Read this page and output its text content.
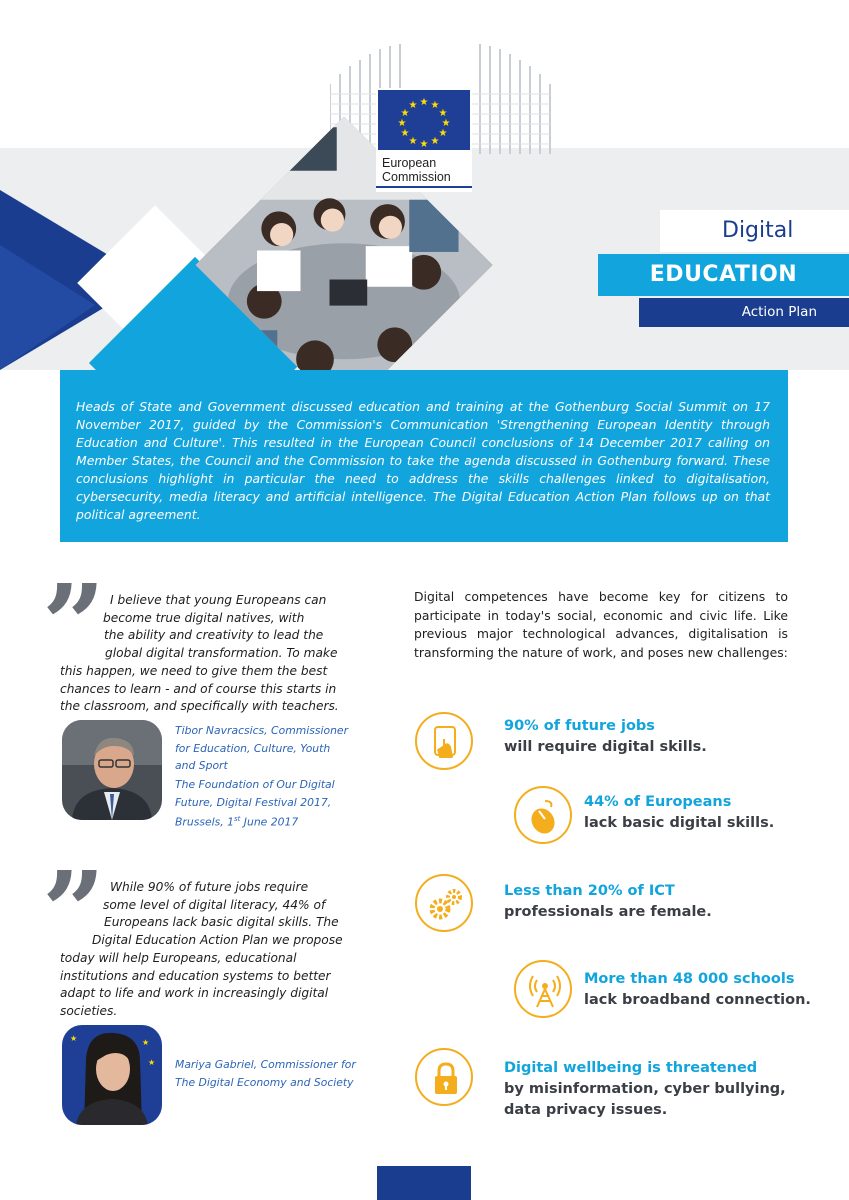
★ ★
★
★
★
★
★
★
★
★
★
★
European
Commission
Digital
EDUCATION
Action Plan

Heads of State and Government discussed education and training at the Gothenburg Social Summit on 17 November 2017, guided by the Commission's Communication 'Strengthening European Identity through Education and Culture'. This resulted in the European Council conclusions of 14 December 2017 calling on Member States, the Council and the Commission to take the agenda discussed in Gothenburg forward. These conclusions highlight in particular the need to address the skills challenges linked to digitalisation, cybersecurity, media literacy and artificial intelligence. The Digital Education Action Plan follows up on that political agreement.

” I believe that young Europeans can
become true digital natives, with
the ability and creativity to lead the
global digital transformation. To make
this happen, we need to give them the best
chances to learn - and of course this starts in
the classroom, and specifically with teachers.
Tibor Navracsics, Commissioner
for Education, Culture, Youth
and Sport
The Foundation of Our Digital
Future, Digital Festival 2017,
Brussels, 1st June 2017
” While 90% of future jobs require
some level of digital literacy, 44% of
Europeans lack basic digital skills. The
Digital Education Action Plan we propose
today will help Europeans, educational
institutions and education systems to better
adapt to life and work in increasingly digital
societies.
★	★
★ Mariya Gabriel, Commissioner for
The Digital Economy and Society

Digital competences have become key for citizens to participate in today's social, economic and civic life. Like previous major technological advances, digitalisation is transforming the nature of work, and poses new challenges:

90% of future jobs
will require digital skills.
44% of Europeans
lack basic digital skills.
Less than 20% of ICT
professionals are female.
More than 48 000 schools
lack broadband connection.
Digital wellbeing is threatened
by misinformation, cyber bullying,
data privacy issues.
